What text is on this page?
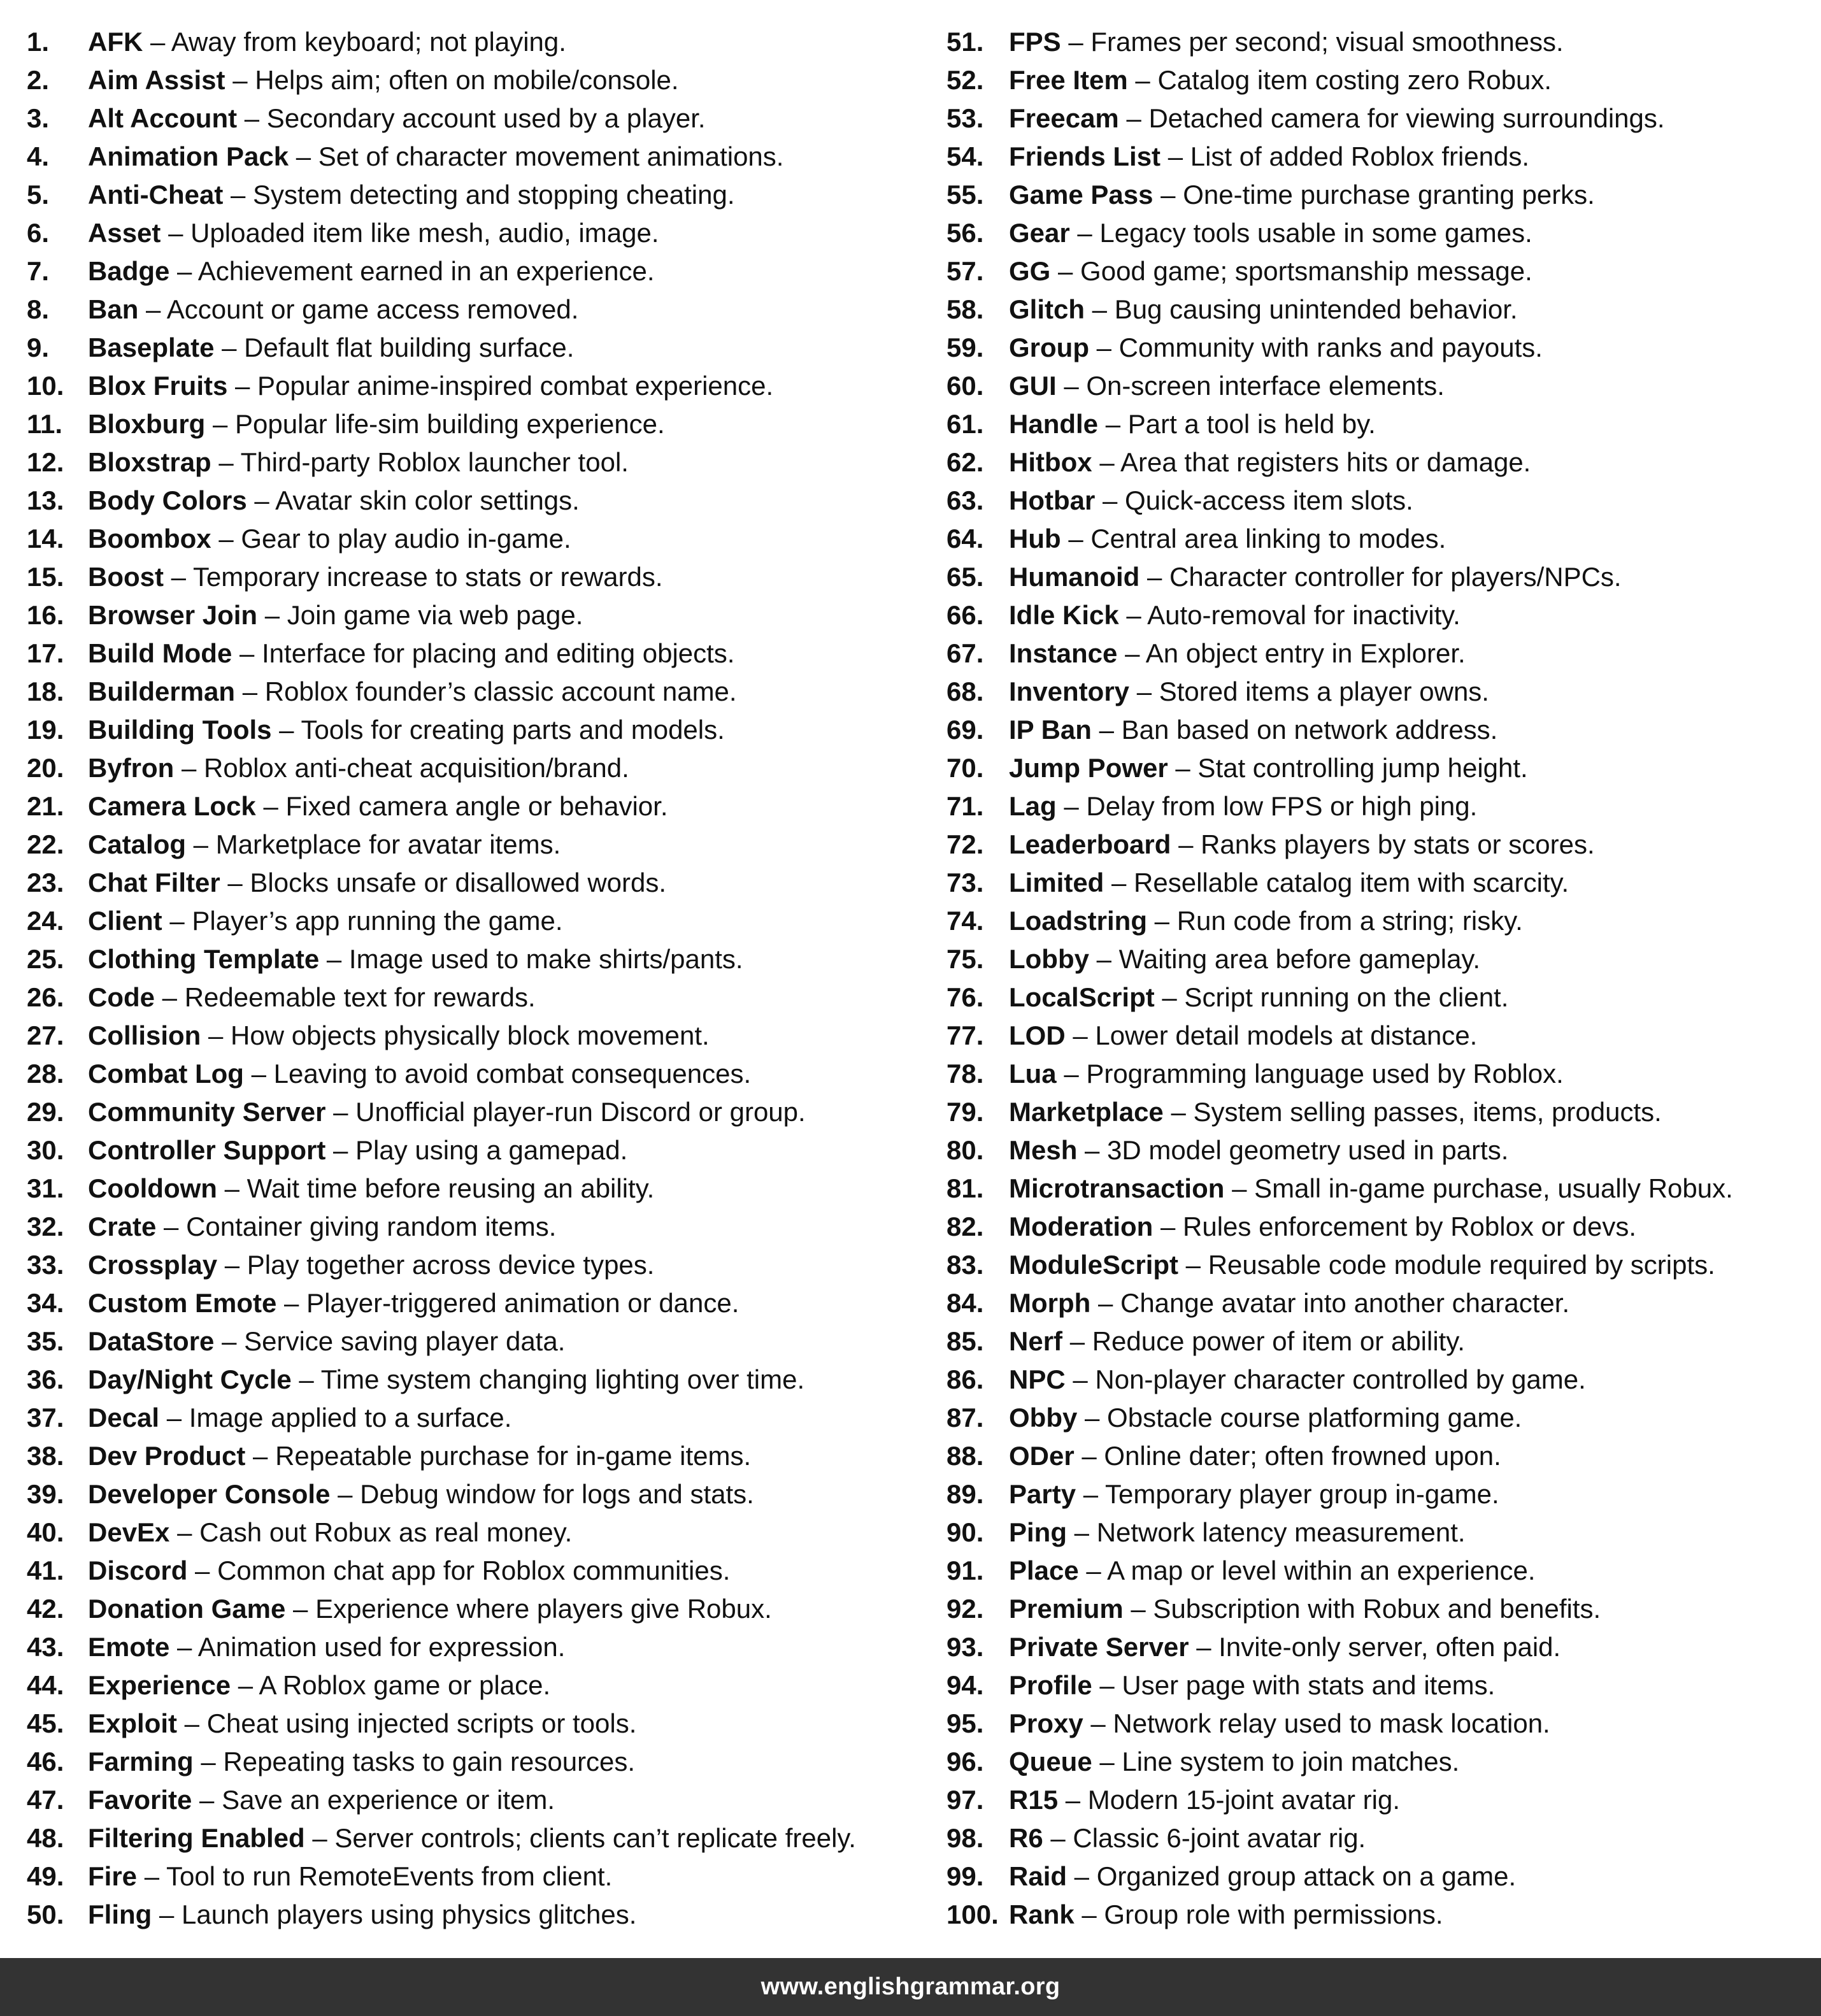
1. AFK – Away from keyboard; not playing.
2. Aim Assist – Helps aim; often on mobile/console.
3. Alt Account – Secondary account used by a player.
4. Animation Pack – Set of character movement animations.
5. Anti-Cheat – System detecting and stopping cheating.
6. Asset – Uploaded item like mesh, audio, image.
7. Badge – Achievement earned in an experience.
8. Ban – Account or game access removed.
9. Baseplate – Default flat building surface.
10. Blox Fruits – Popular anime-inspired combat experience.
11. Bloxburg – Popular life-sim building experience.
12. Bloxstrap – Third-party Roblox launcher tool.
13. Body Colors – Avatar skin color settings.
14. Boombox – Gear to play audio in-game.
15. Boost – Temporary increase to stats or rewards.
16. Browser Join – Join game via web page.
17. Build Mode – Interface for placing and editing objects.
18. Builderman – Roblox founder’s classic account name.
19. Building Tools – Tools for creating parts and models.
20. Byfron – Roblox anti-cheat acquisition/brand.
21. Camera Lock – Fixed camera angle or behavior.
22. Catalog – Marketplace for avatar items.
23. Chat Filter – Blocks unsafe or disallowed words.
24. Client – Player’s app running the game.
25. Clothing Template – Image used to make shirts/pants.
26. Code – Redeemable text for rewards.
27. Collision – How objects physically block movement.
28. Combat Log – Leaving to avoid combat consequences.
29. Community Server – Unofficial player-run Discord or group.
30. Controller Support – Play using a gamepad.
31. Cooldown – Wait time before reusing an ability.
32. Crate – Container giving random items.
33. Crossplay – Play together across device types.
34. Custom Emote – Player-triggered animation or dance.
35. DataStore – Service saving player data.
36. Day/Night Cycle – Time system changing lighting over time.
37. Decal – Image applied to a surface.
38. Dev Product – Repeatable purchase for in-game items.
39. Developer Console – Debug window for logs and stats.
40. DevEx – Cash out Robux as real money.
41. Discord – Common chat app for Roblox communities.
42. Donation Game – Experience where players give Robux.
43. Emote – Animation used for expression.
44. Experience – A Roblox game or place.
45. Exploit – Cheat using injected scripts or tools.
46. Farming – Repeating tasks to gain resources.
47. Favorite – Save an experience or item.
48. Filtering Enabled – Server controls; clients can’t replicate freely.
49. Fire – Tool to run RemoteEvents from client.
50. Fling – Launch players using physics glitches.
51. FPS – Frames per second; visual smoothness.
52. Free Item – Catalog item costing zero Robux.
53. Freecam – Detached camera for viewing surroundings.
54. Friends List – List of added Roblox friends.
55. Game Pass – One-time purchase granting perks.
56. Gear – Legacy tools usable in some games.
57. GG – Good game; sportsmanship message.
58. Glitch – Bug causing unintended behavior.
59. Group – Community with ranks and payouts.
60. GUI – On-screen interface elements.
61. Handle – Part a tool is held by.
62. Hitbox – Area that registers hits or damage.
63. Hotbar – Quick-access item slots.
64. Hub – Central area linking to modes.
65. Humanoid – Character controller for players/NPCs.
66. Idle Kick – Auto-removal for inactivity.
67. Instance – An object entry in Explorer.
68. Inventory – Stored items a player owns.
69. IP Ban – Ban based on network address.
70. Jump Power – Stat controlling jump height.
71. Lag – Delay from low FPS or high ping.
72. Leaderboard – Ranks players by stats or scores.
73. Limited – Resellable catalog item with scarcity.
74. Loadstring – Run code from a string; risky.
75. Lobby – Waiting area before gameplay.
76. LocalScript – Script running on the client.
77. LOD – Lower detail models at distance.
78. Lua – Programming language used by Roblox.
79. Marketplace – System selling passes, items, products.
80. Mesh – 3D model geometry used in parts.
81. Microtransaction – Small in-game purchase, usually Robux.
82. Moderation – Rules enforcement by Roblox or devs.
83. ModuleScript – Reusable code module required by scripts.
84. Morph – Change avatar into another character.
85. Nerf – Reduce power of item or ability.
86. NPC – Non-player character controlled by game.
87. Obby – Obstacle course platforming game.
88. ODer – Online dater; often frowned upon.
89. Party – Temporary player group in-game.
90. Ping – Network latency measurement.
91. Place – A map or level within an experience.
92. Premium – Subscription with Robux and benefits.
93. Private Server – Invite-only server, often paid.
94. Profile – User page with stats and items.
95. Proxy – Network relay used to mask location.
96. Queue – Line system to join matches.
97. R15 – Modern 15-joint avatar rig.
98. R6 – Classic 6-joint avatar rig.
99. Raid – Organized group attack on a game.
100. Rank – Group role with permissions.
www.englishgrammar.org
